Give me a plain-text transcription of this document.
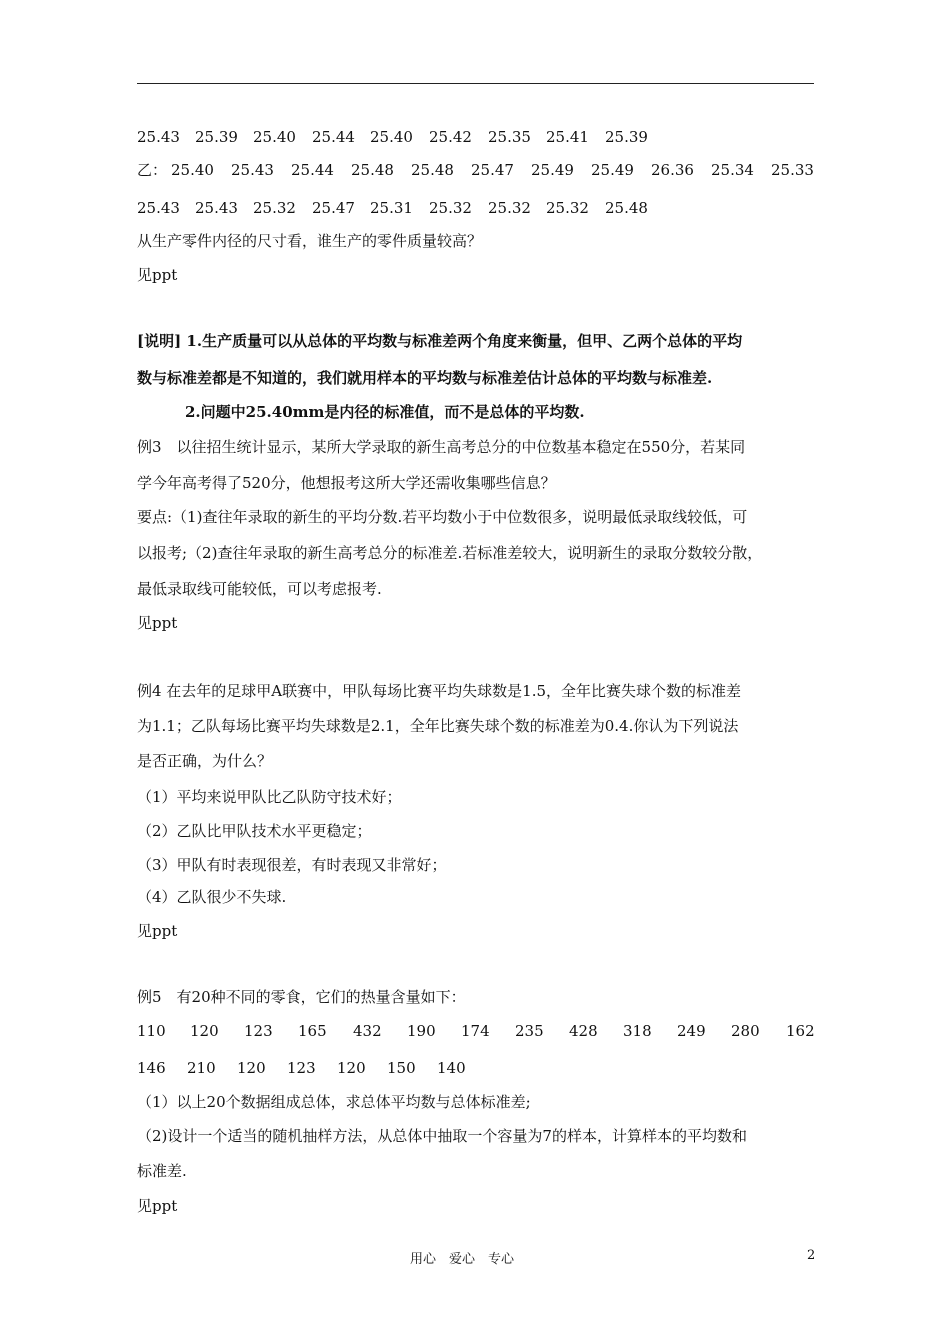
25.43 25.39 25.40 25.44 25.40 25.42 25.35 25.41 25.39
乙： 25.40 25.43 25.44 25.48 25.48 25.47 25.49 25.49 26.36 25.34 25.33
25.43 25.43 25.32 25.47 25.31 25.32 25.32 25.32 25.48
从生产零件内径的尺寸看，谁生产的零件质量较高？
见ppt
[说明] 1.生产质量可以从总体的平均数与标准差两个角度来衡量，但甲、乙两个总体的平均
数与标准差都是不知道的，我们就用样本的平均数与标准差估计总体的平均数与标准差.
2.问题中25.40mm是内径的标准值，而不是总体的平均数.
例3　以往招生统计显示，某所大学录取的新生高考总分的中位数基本稳定在550分，若某同
学今年高考得了520分，他想报考这所大学还需收集哪些信息？
要点:（1)查往年录取的新生的平均分数.若平均数小于中位数很多，说明最低录取线较低，可
以报考;（2)查往年录取的新生高考总分的标准差.若标准差较大，说明新生的录取分数较分散，
最低录取线可能较低，可以考虑报考.
见ppt
例4 在去年的足球甲A联赛中，甲队每场比赛平均失球数是1.5，全年比赛失球个数的标准差
为1.1；乙队每场比赛平均失球数是2.1，全年比赛失球个数的标准差为0.4.你认为下列说法
是否正确，为什么？
（1）平均来说甲队比乙队防守技术好；
（2）乙队比甲队技术水平更稳定；
（3）甲队有时表现很差，有时表现又非常好；
（4）乙队很少不失球.
见ppt
例5　有20种不同的零食，它们的热量含量如下：
110 120 123 165 432 190 174 235 428 318 249 280 162
146 210 120 123 120 150 140
（1）以上20个数据组成总体，求总体平均数与总体标准差;
（2)设计一个适当的随机抽样方法，从总体中抽取一个容量为7的样本，计算样本的平均数和
标准差.
见ppt
用心　爱心　专心	2
